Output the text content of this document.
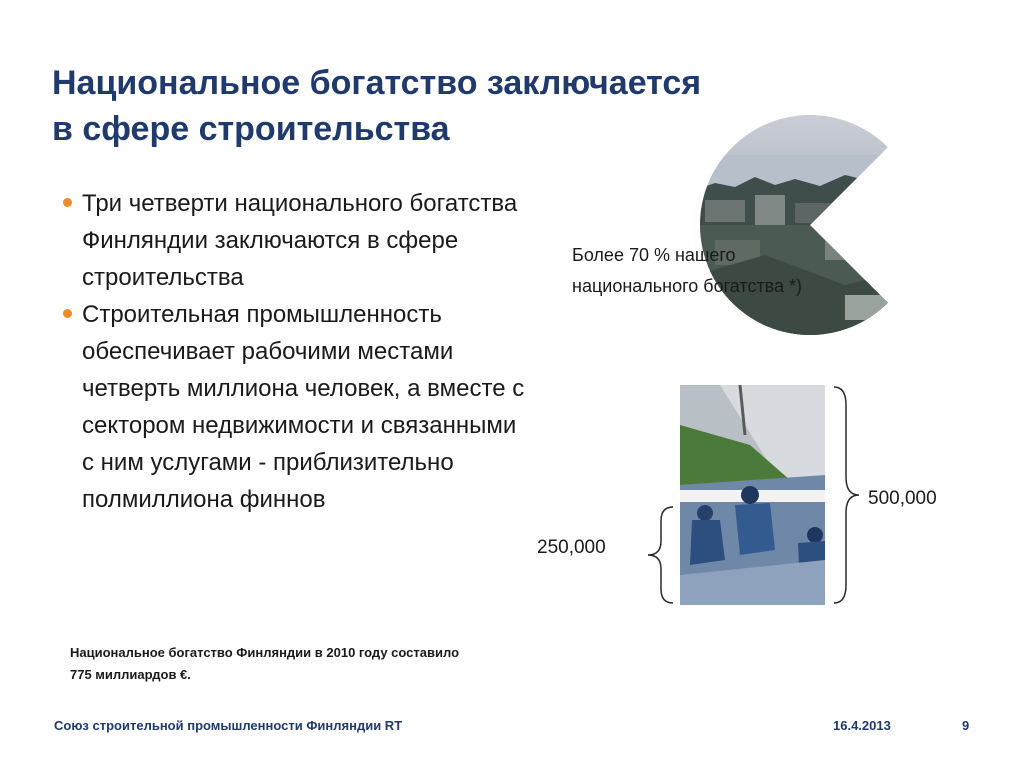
Национальное богатство заключается
в сфере строительства
Три четверти национального богатства Финляндии заключаются в сфере строительства
Строительная промышленность обеспечивает рабочими местами четверть миллиона человек, а вместе с сектором недвижимости и связанными с ним услугами - приблизительно полмиллиона финнов
Более 70 % нашего национального богатства *)
500,000
250,000
Национальное богатство Финляндии в 2010 году составило 775 миллиардов €.
Союз строительной промышленности Финляндии RT	16.4.2013	9
